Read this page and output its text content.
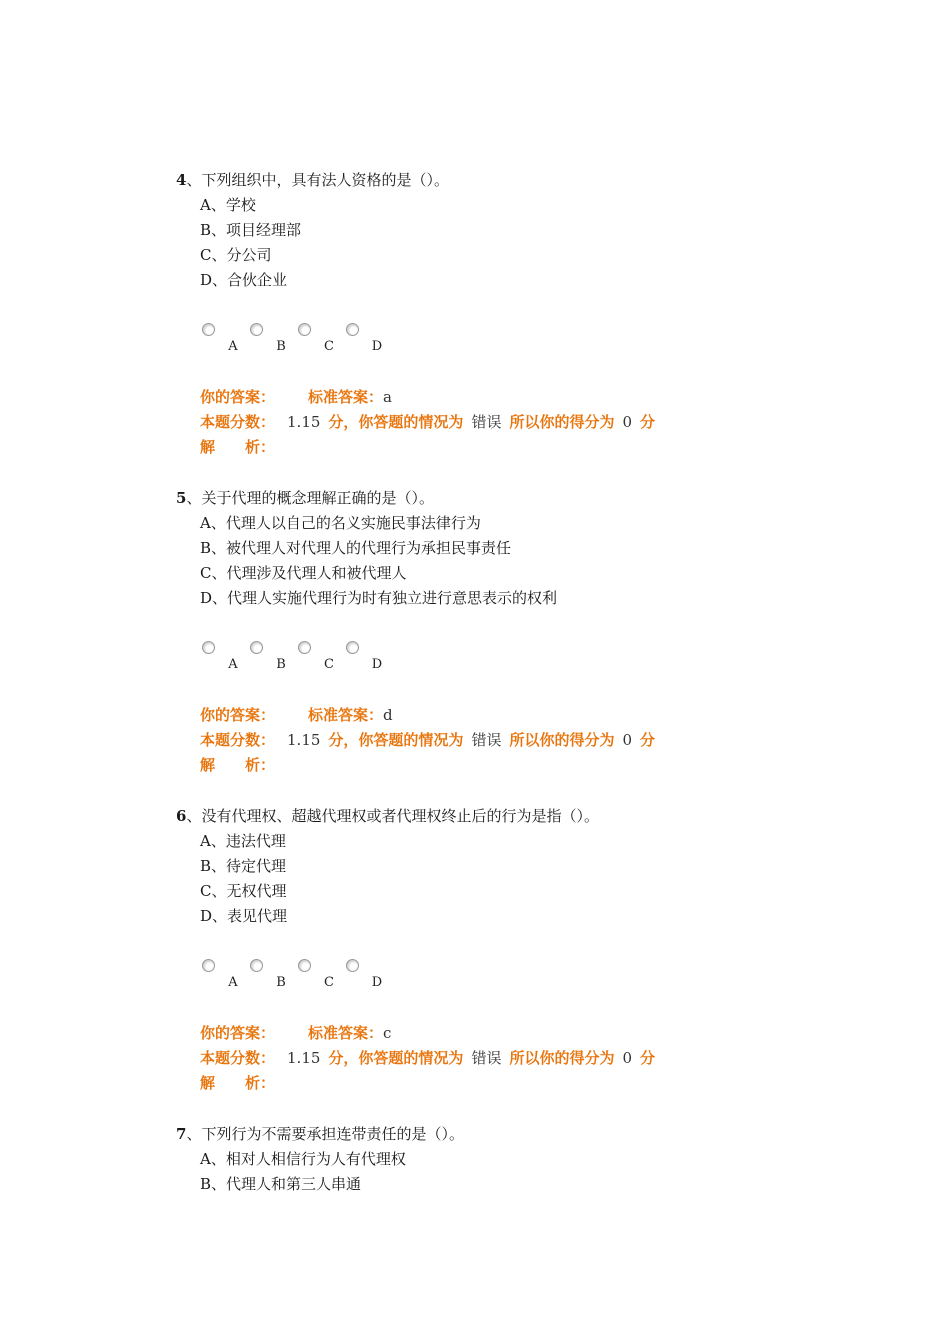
4、下列组织中，具有法人资格的是（）。
A、学校
B、项目经理部
C、分公司
D、合伙企业
A	B	C	D
你的答案： 标准答案：a
本题分数： 1.15 分，你答题的情况为 错误 所以你的得分为 0 分
解　　析：
5、关于代理的概念理解正确的是（）。
A、代理人以自己的名义实施民事法律行为
B、被代理人对代理人的代理行为承担民事责任
C、代理涉及代理人和被代理人
D、代理人实施代理行为时有独立进行意思表示的权利
A	B	C	D
你的答案： 标准答案：d
本题分数： 1.15 分，你答题的情况为 错误 所以你的得分为 0 分
解　　析：
6、没有代理权、超越代理权或者代理权终止后的行为是指（）。
A、违法代理
B、待定代理
C、无权代理
D、表见代理
A	B	C	D
你的答案： 标准答案：c
本题分数： 1.15 分，你答题的情况为 错误 所以你的得分为 0 分
解　　析：
7、下列行为不需要承担连带责任的是（）。
A、相对人相信行为人有代理权
B、代理人和第三人串通
